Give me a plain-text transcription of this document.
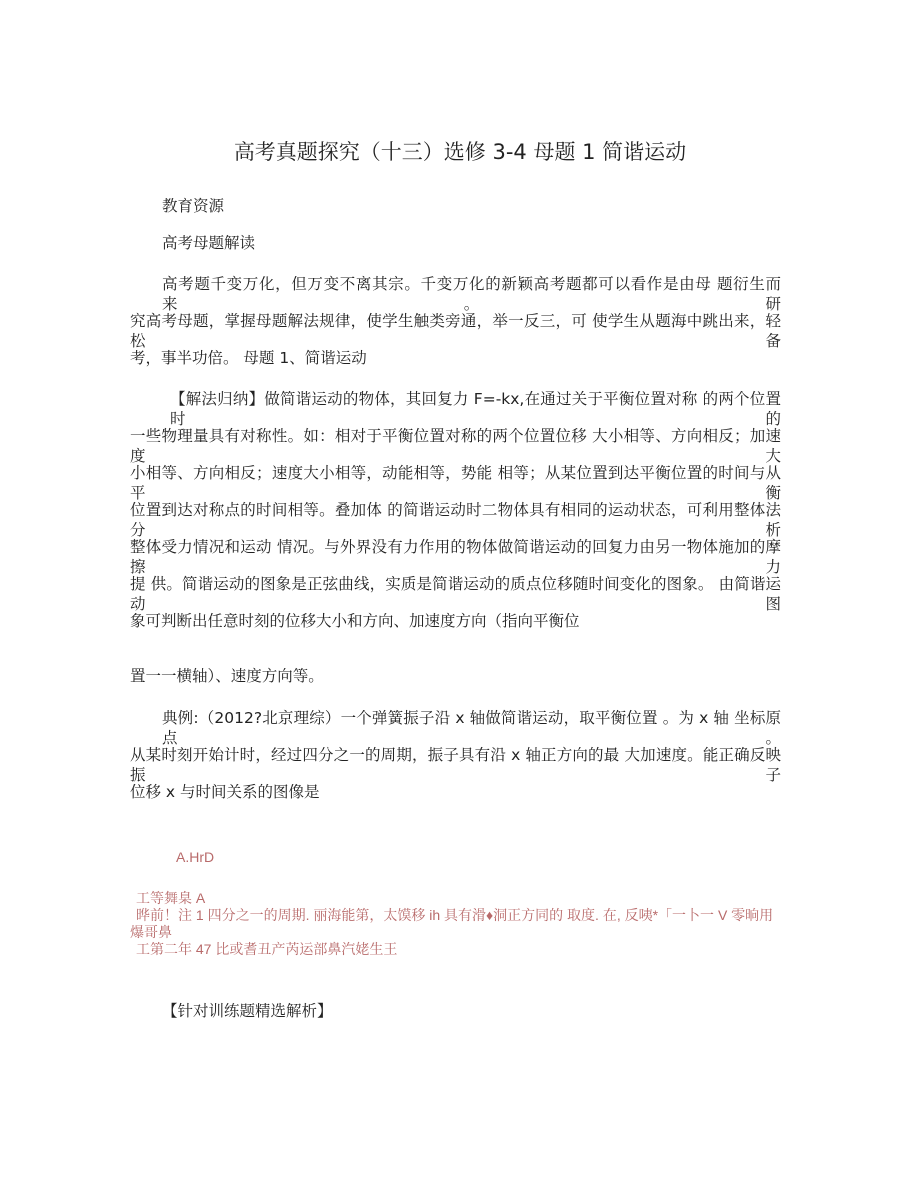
高考真题探究（十三）选修 3-4 母题 1 简谐运动
教育资源
高考母题解读
高考题千变万化，但万变不离其宗。千变万化的新颖高考题都可以看作是由母 题衍生而来。研
究高考母题，掌握母题解法规律，使学生触类旁通，举一反三，可 使学生从题海中跳出来，轻松备
考，事半功倍。 母题 1、简谐运动
【解法归纳】做简谐运动的物体，其回复力 F=-kx,在通过关于平衡位置对称 的两个位置时的
一些物理量具有对称性。如：相对于平衡位置对称的两个位置位移 大小相等、方向相反；加速度大
小相等、方向相反；速度大小相等，动能相等，势能 相等；从某位置到达平衡位置的时间与从平衡
位置到达对称点的时间相等。叠加体 的简谐运动时二物体具有相同的运动状态，可利用整体法分析
整体受力情况和运动 情况。与外界没有力作用的物体做简谐运动的回复力由另一物体施加的摩擦力
提 供。简谐运动的图象是正弦曲线，实质是简谐运动的质点位移随时间变化的图象。 由简谐运动图
象可判断出任意时刻的位移大小和方向、加速度方向（指向平衡位
置一一横轴）、速度方向等。
典例:（2012?北京理综）一个弹簧振子沿 x 轴做简谐运动，取平衡位置 。为 x 轴 坐标原点。
从某时刻开始计时，经过四分之一的周期，振子具有沿 x 轴正方向的最 大加速度。能正确反映振子
位移 x 与时间关系的图像是
A.HrD
工等舞臬 A
晔前！注 1 四分之一的周期. 丽海能第，太馍移 ih 具有滑♦洞正方同的 取度. 在, 反咦*「一卜一 V 零晌用
爆哥鼻
工第二年 47 比或耆丑产芮运部鼻汽姥生王
【针对训练题精选解析】
